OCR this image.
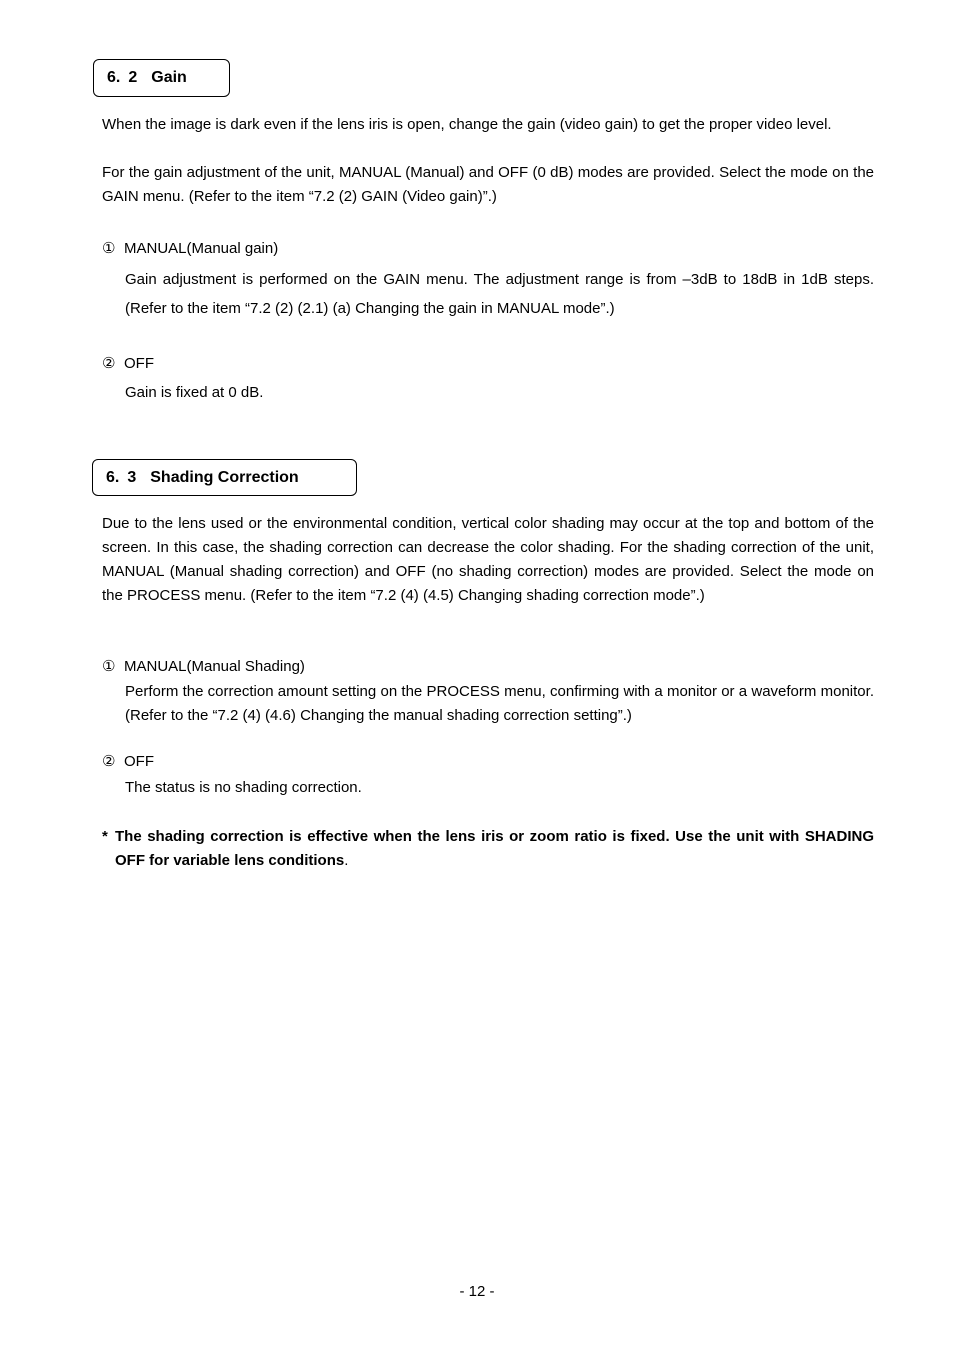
6. 2 Gain

When the image is dark even if the lens iris is open, change the gain (video gain) to get the proper video level.

For the gain adjustment of the unit, MANUAL (Manual) and OFF (0 dB) modes are provided. Select the mode on the GAIN menu. (Refer to the item “7.2 (2) GAIN (Video gain)”.)

① MANUAL(Manual gain)

Gain adjustment is performed on the GAIN menu. The adjustment range is from –3dB to 18dB in 1dB steps. (Refer to the item “7.2 (2) (2.1) (a) Changing the gain in MANUAL mode”.)

② OFF

Gain is fixed at 0 dB.

6. 3 Shading Correction

Due to the lens used or the environmental condition, vertical color shading may occur at the top and bottom of the screen. In this case, the shading correction can decrease the color shading. For the shading correction of the unit, MANUAL (Manual shading correction) and OFF (no shading correction) modes are provided. Select the mode on the PROCESS menu. (Refer to the item “7.2 (4) (4.5) Changing shading correction mode”.)

① MANUAL(Manual Shading)

Perform the correction amount setting on the PROCESS menu, confirming with a monitor or a waveform monitor. (Refer to the “7.2 (4) (4.6) Changing the manual shading correction setting”.)

② OFF

The status is no shading correction.

* The shading correction is effective when the lens iris or zoom ratio is fixed. Use the unit with SHADING OFF for variable lens conditions.
- 12 -
